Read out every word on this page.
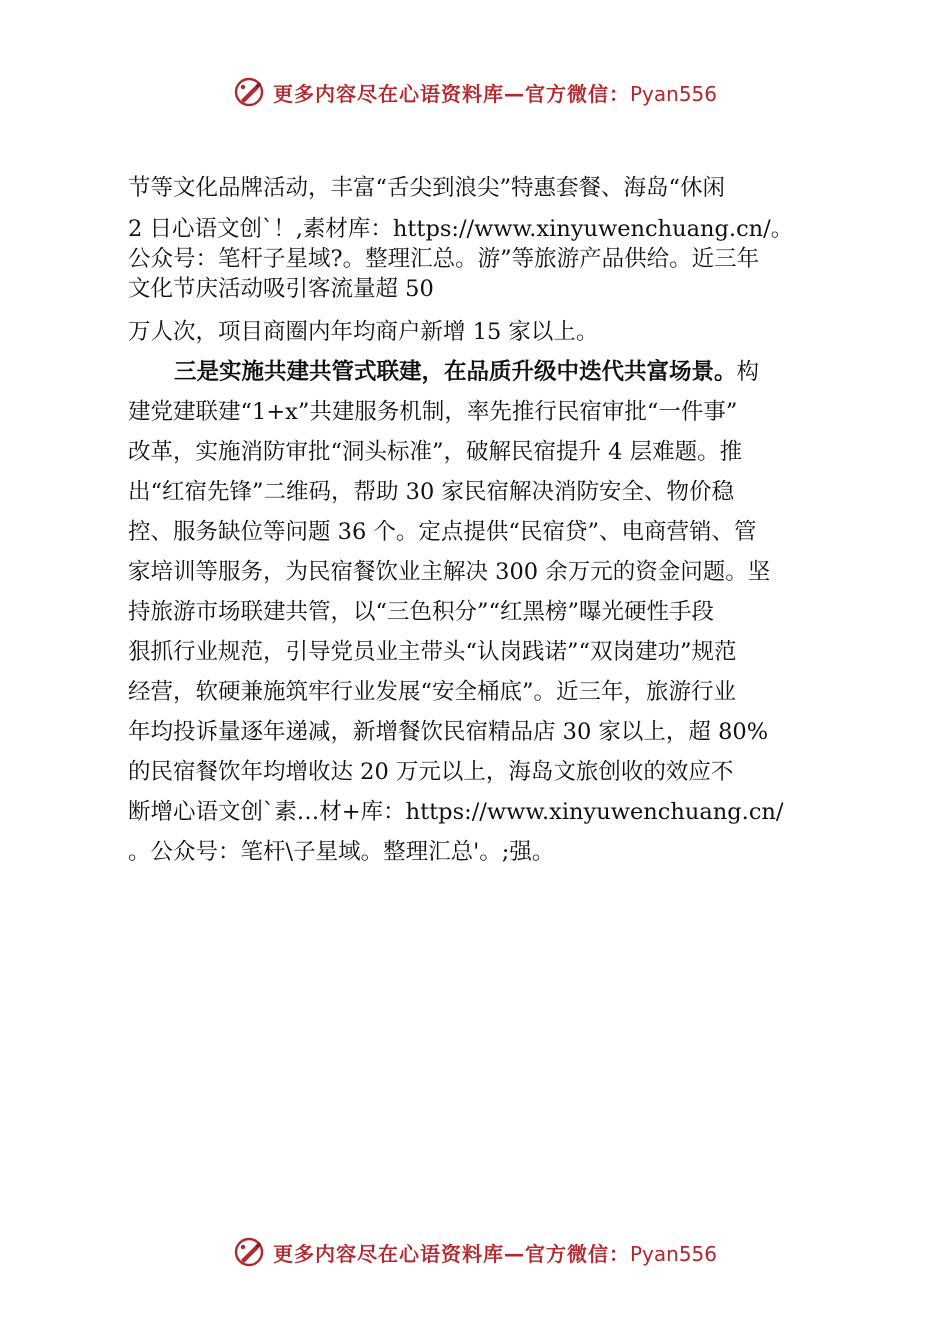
更多内容尽在心语资料库—官方微信：Pyan556
节等文化品牌活动，丰富“舌尖到浪尖”特惠套餐、海岛“休闲
2 日心语文创`！,素材库：https://www.xinyuwenchuang.cn/。
公众号：笔杆子星域?。整理汇总。游”等旅游产品供给。近三年
文化节庆活动吸引客流量超 50
万人次，项目商圈内年均商户新增 15 家以上。
三是实施共建共管式联建，在品质升级中迭代共富场景。构
建党建联建“1+x”共建服务机制，率先推行民宿审批“一件事”
改革，实施消防审批“洞头标准”，破解民宿提升 4 层难题。推
出“红宿先锋”二维码，帮助 30 家民宿解决消防安全、物价稳
控、服务缺位等问题 36 个。定点提供“民宿贷”、电商营销、管
家培训等服务，为民宿餐饮业主解决 300 余万元的资金问题。坚
持旅游市场联建共管，以“三色积分”“红黑榜”曝光硬性手段
狠抓行业规范，引导党员业主带头“认岗践诺”“双岗建功”规范
经营，软硬兼施筑牢行业发展“安全桶底”。近三年，旅游行业
年均投诉量逐年递减，新增餐饮民宿精品店 30 家以上，超 80%
的民宿餐饮年均增收达 20 万元以上，海岛文旅创收的效应不
断增心语文创`素…材+库：https://www.xinyuwenchuang.cn/
。公众号：笔杆\子星域。整理汇总'。;强。
更多内容尽在心语资料库—官方微信：Pyan556
